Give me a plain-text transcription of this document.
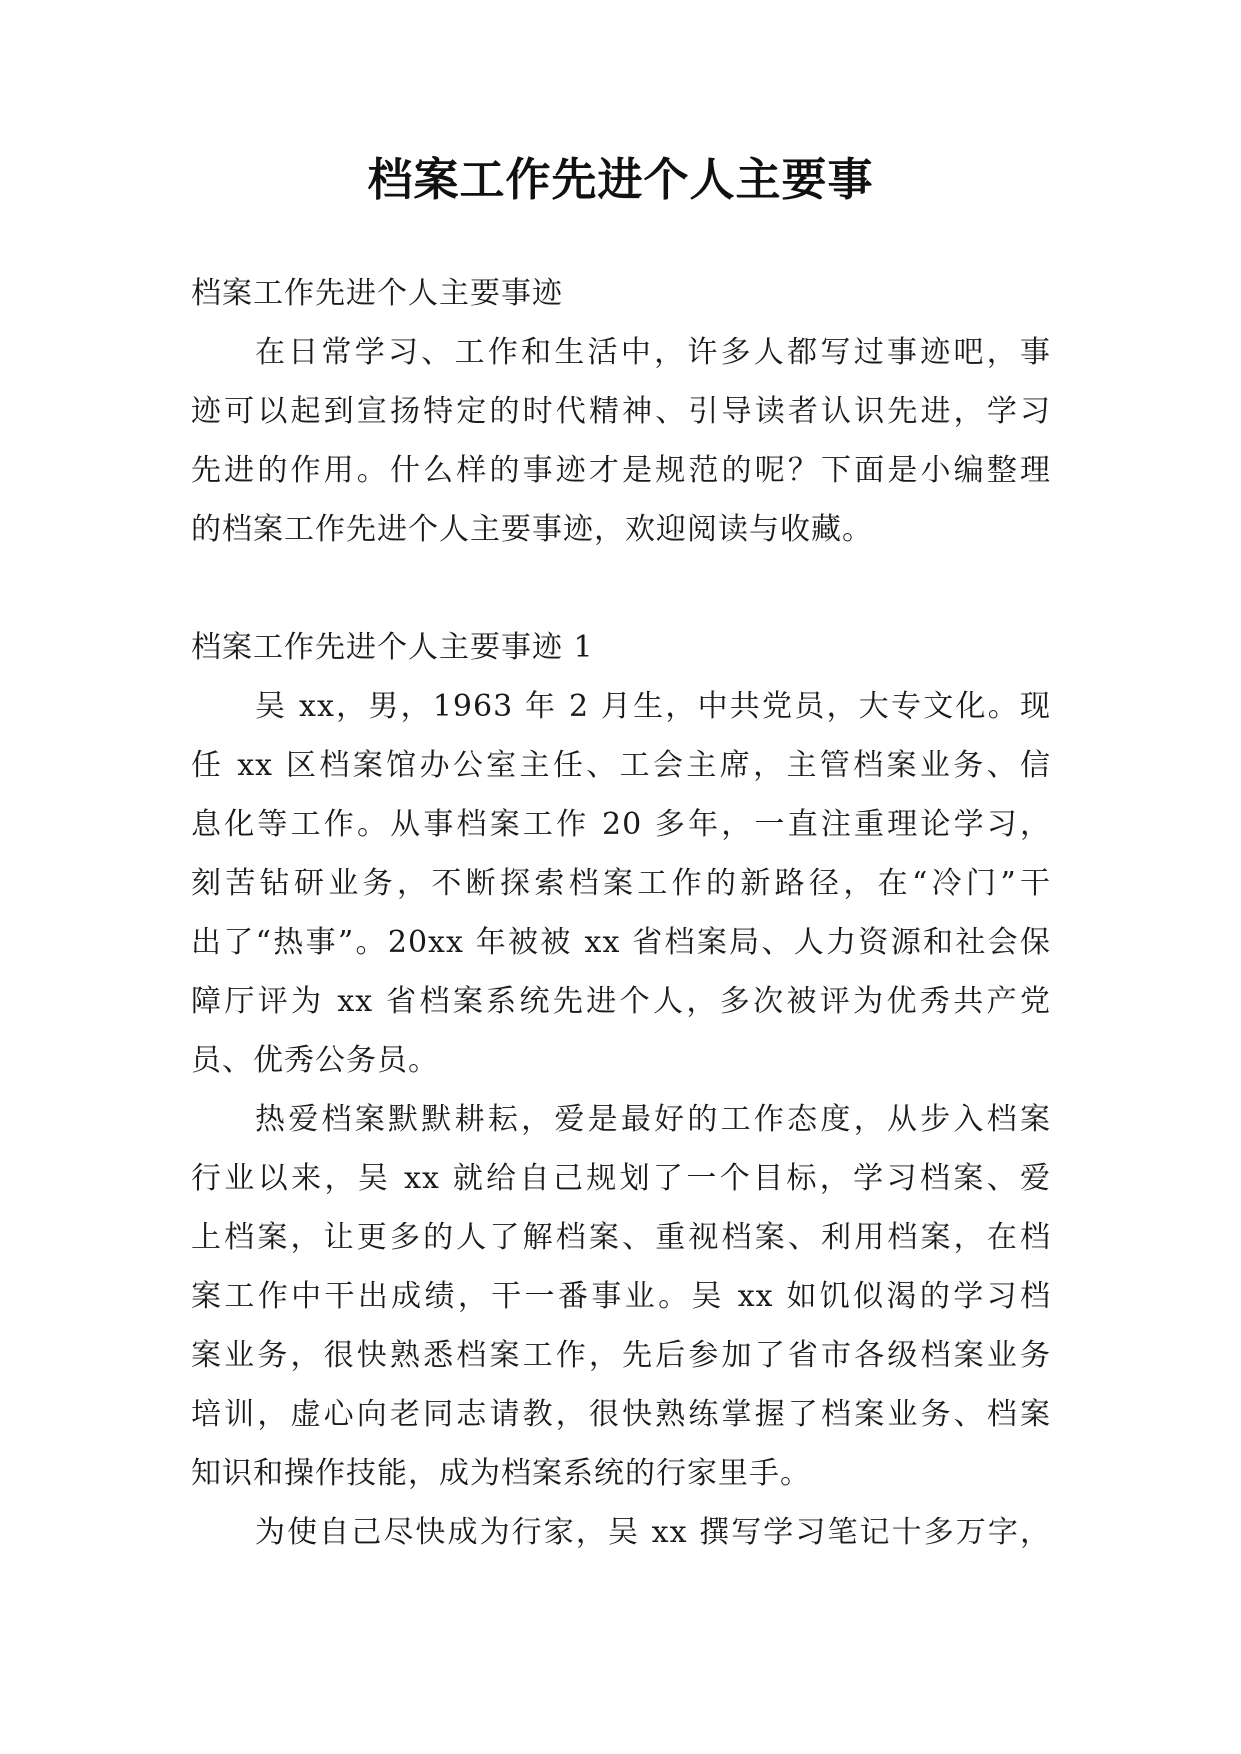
档案工作先进个人主要事
档案工作先进个人主要事迹
在日常学习、工作和生活中，许多人都写过事迹吧，事
迹可以起到宣扬特定的时代精神、引导读者认识先进，学习
先进的作用。什么样的事迹才是规范的呢？下面是小编整理
的档案工作先进个人主要事迹，欢迎阅读与收藏。
档案工作先进个人主要事迹 1
吴 xx，男，1963 年 2 月生，中共党员，大专文化。现
任 xx 区档案馆办公室主任、工会主席，主管档案业务、信
息化等工作。从事档案工作 20 多年，一直注重理论学习，
刻苦钻研业务，不断探索档案工作的新路径，在“冷门”干
出了“热事”。20xx 年被被 xx 省档案局、人力资源和社会保
障厅评为 xx 省档案系统先进个人，多次被评为优秀共产党
员、优秀公务员。
热爱档案默默耕耘，爱是最好的工作态度，从步入档案
行业以来，吴 xx 就给自己规划了一个目标，学习档案、爱
上档案，让更多的人了解档案、重视档案、利用档案，在档
案工作中干出成绩，干一番事业。吴 xx 如饥似渴的学习档
案业务，很快熟悉档案工作，先后参加了省市各级档案业务
培训，虚心向老同志请教，很快熟练掌握了档案业务、档案
知识和操作技能，成为档案系统的行家里手。
为使自己尽快成为行家，吴 xx 撰写学习笔记十多万字，
